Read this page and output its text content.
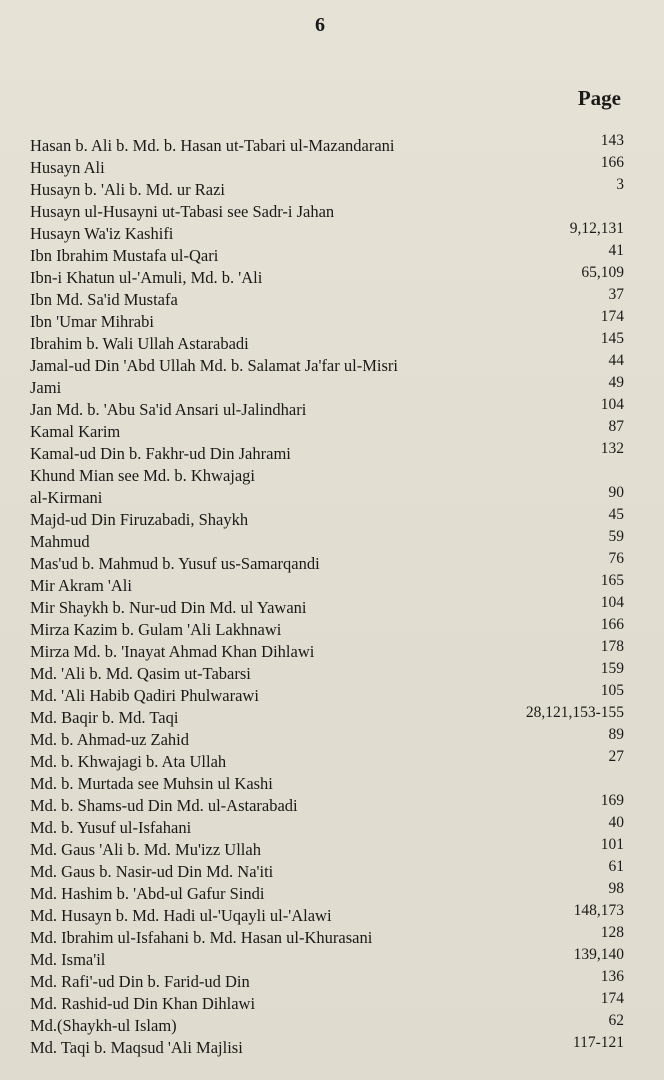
6
Page
Hasan b. Ali b. Md. b. Hasan ut-Tabari ul-Mazandarani	143
Husayn Ali	166
Husayn b. 'Ali b. Md. ur Razi	3
Husayn ul-Husayni ut-Tabasi see Sadr-i Jahan
Husayn Wa'iz Kashifi	9,12,131
Ibn Ibrahim Mustafa ul-Qari	41
Ibn-i Khatun ul-'Amuli, Md. b. 'Ali	65,109
Ibn Md. Sa'id Mustafa	37
Ibn 'Umar Mihrabi	174
Ibrahim b. Wali Ullah Astarabadi	145
Jamal-ud Din 'Abd Ullah Md. b. Salamat Ja'far ul-Misri	44
Jami	49
Jan Md. b. 'Abu Sa'id Ansari ul-Jalindhari	104
Kamal Karim	87
Kamal-ud Din b. Fakhr-ud Din Jahrami	132
Khund Mian see Md. b. Khwajagi
al-Kirmani	90
Majd-ud Din Firuzabadi, Shaykh	45
Mahmud	59
Mas'ud b. Mahmud b. Yusuf us-Samarqandi	76
Mir Akram 'Ali	165
Mir Shaykh b. Nur-ud Din Md. ul Yawani	104
Mirza Kazim b. Gulam 'Ali Lakhnawi	166
Mirza Md. b. 'Inayat Ahmad Khan Dihlawi	178
Md. 'Ali b. Md. Qasim ut-Tabarsi	159
Md. 'Ali Habib Qadiri Phulwarawi	105
Md. Baqir b. Md. Taqi	28,121,153-155
Md. b. Ahmad-uz Zahid	89
Md. b. Khwajagi b. Ata Ullah	27
Md. b. Murtada see Muhsin ul Kashi
Md. b. Shams-ud Din Md. ul-Astarabadi	169
Md. b. Yusuf ul-Isfahani	40
Md. Gaus 'Ali b. Md. Mu'izz Ullah	101
Md. Gaus b. Nasir-ud Din Md. Na'iti	61
Md. Hashim b. 'Abd-ul Gafur Sindi	98
Md. Husayn b. Md. Hadi ul-'Uqayli ul-'Alawi	148,173
Md. Ibrahim ul-Isfahani b. Md. Hasan ul-Khurasani	128
Md. Isma'il	139,140
Md. Rafi'-ud Din b. Farid-ud Din	136
Md. Rashid-ud Din Khan Dihlawi	174
Md.(Shaykh-ul Islam)	62
Md. Taqi b. Maqsud 'Ali Majlisi	117-121
